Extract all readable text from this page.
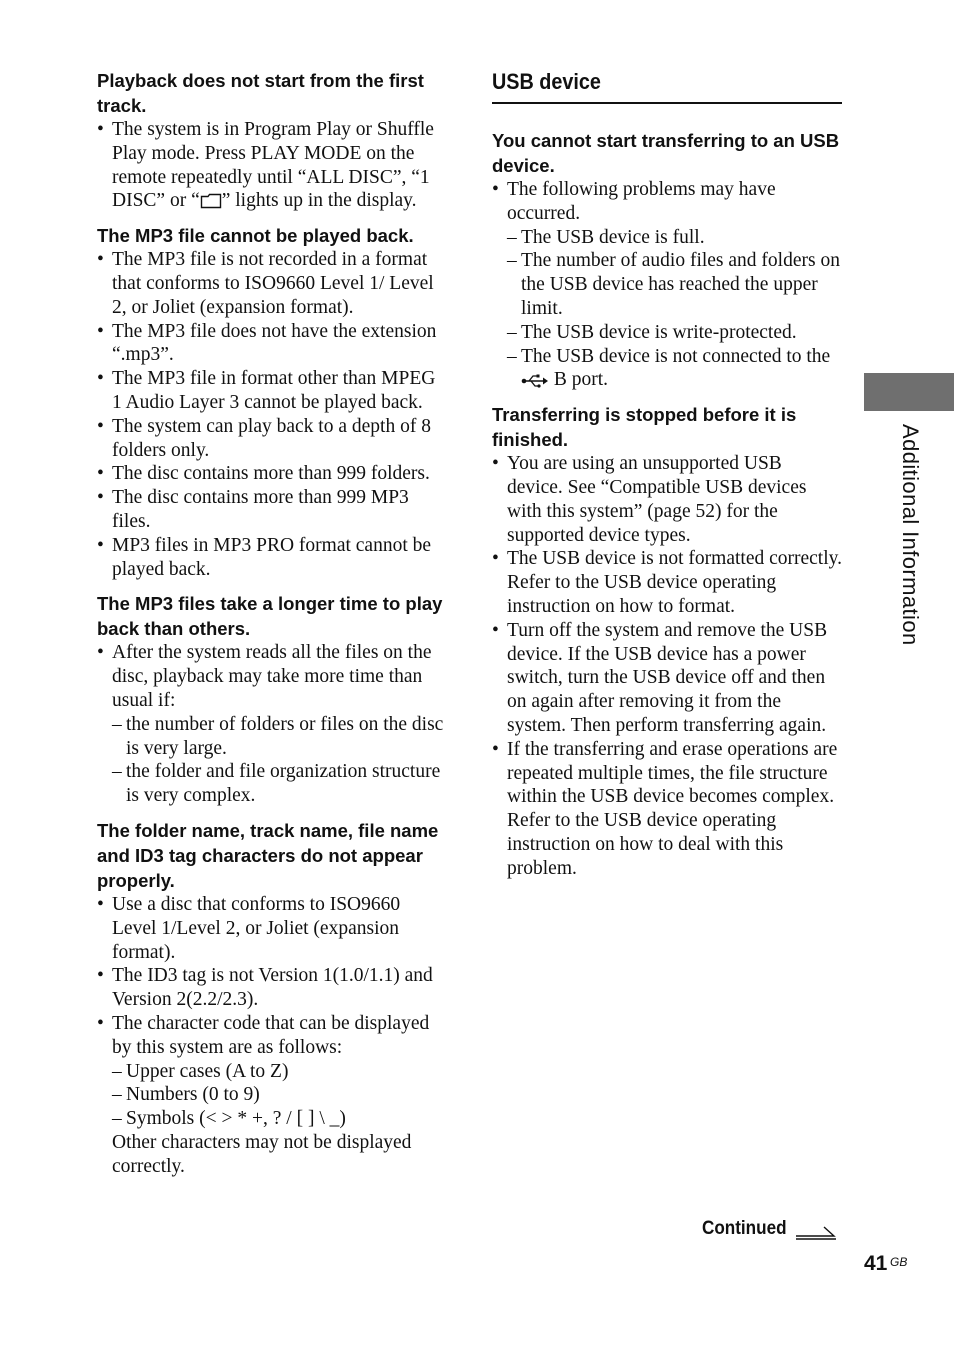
Playback does not start from the first track.

• The system is in Program Play or Shuffle Play mode. Press PLAY MODE on the remote repeatedly until “ALL DISC”, “1 DISC” or “ ” lights up in the display.

The MP3 file cannot be played back.

• The MP3 file is not recorded in a format that conforms to ISO9660 Level 1/ Level 2, or Joliet (expansion format).
• The MP3 file does not have the extension “.mp3”.
• The MP3 file in format other than MPEG 1 Audio Layer 3 cannot be played back.
• The system can play back to a depth of 8 folders only.
• The disc contains more than 999 folders.
• The disc contains more than 999 MP3 files.
• MP3 files in MP3 PRO format cannot be played back.

The MP3 files take a longer time to play back than others.

• After the system reads all the files on the disc, playback may take more time than usual if:
– the number of folders or files on the disc is very large.
– the folder and file organization structure is very complex.

The folder name, track name, file name and ID3 tag characters do not appear properly.

• Use a disc that conforms to ISO9660 Level 1/Level 2, or Joliet (expansion format).
• The ID3 tag is not Version 1(1.0/1.1) and Version 2(2.2/2.3).
• The character code that can be displayed by this system are as follows:
– Upper cases (A to Z)
– Numbers (0 to 9)
– Symbols (< > * +, ? / [ ] \ _)
Other characters may not be displayed correctly.
USB device

You cannot start transferring to an USB device.

• The following problems may have occurred.
– The USB device is full.
– The number of audio files and folders on the USB device has reached the upper limit.
– The USB device is write-protected.
– The USB device is not connected to the  B port.

Transferring is stopped before it is finished.

• You are using an unsupported USB device. See “Compatible USB devices with this system” (page 52) for the supported device types.
• The USB device is not formatted correctly. Refer to the USB device operating instruction on how to format.
• Turn off the system and remove the USB device. If the USB device has a power switch, turn the USB device off and then on again after removing it from the system. Then perform transferring again.
• If the transferring and erase operations are repeated multiple times, the file structure within the USB device becomes complex. Refer to the USB device operating instruction on how to deal with this problem.
Additional Information
Continued
41 GB
